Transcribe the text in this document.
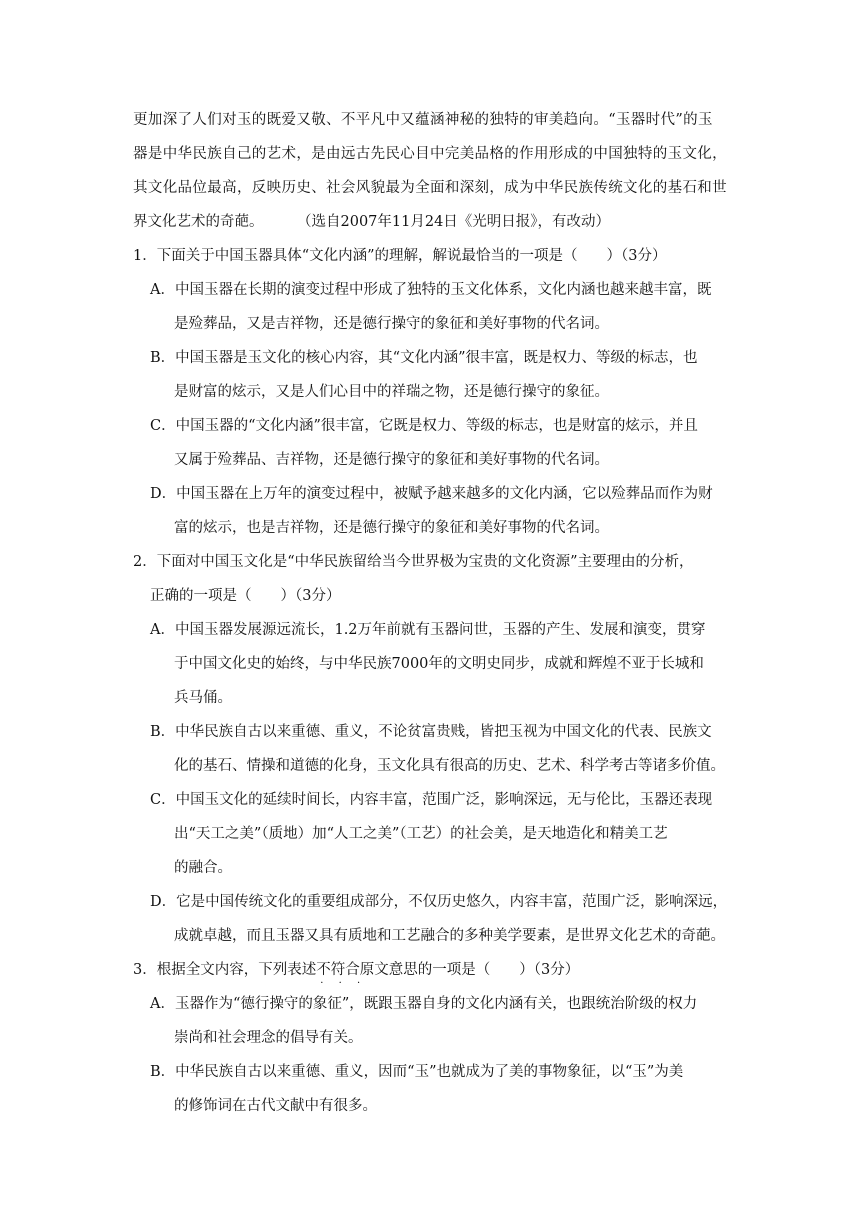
更加深了人们对玉的既爱又敬、不平凡中又蕴涵神秘的独特的审美趋向。“玉器时代”的玉
器是中华民族自己的艺术，是由远古先民心目中完美品格的作用形成的中国独特的玉文化，
其文化品位最高，反映历史、社会风貌最为全面和深刻，成为中华民族传统文化的基石和世
界文化艺术的奇葩。 （选自2007年11月24日《光明日报》，有改动）
1．下面关于中国玉器具体“文化内涵”的理解，解说最恰当的一项是（　　）（3分）
A．中国玉器在长期的演变过程中形成了独特的玉文化体系，文化内涵也越来越丰富，既
是殓葬品，又是吉祥物，还是德行操守的象征和美好事物的代名词。
B．中国玉器是玉文化的核心内容，其“文化内涵”很丰富，既是权力、等级的标志，也
是财富的炫示，又是人们心目中的祥瑞之物，还是德行操守的象征。
C．中国玉器的“文化内涵”很丰富，它既是权力、等级的标志，也是财富的炫示，并且
又属于殓葬品、吉祥物，还是德行操守的象征和美好事物的代名词。
D．中国玉器在上万年的演变过程中，被赋予越来越多的文化内涵，它以殓葬品而作为财
富的炫示，也是吉祥物，还是德行操守的象征和美好事物的代名词。
2．下面对中国玉文化是“中华民族留给当今世界极为宝贵的文化资源”主要理由的分析，
正确的一项是（　　）（3分）
A．中国玉器发展源远流长，1.2万年前就有玉器问世，玉器的产生、发展和演变，贯穿
于中国文化史的始终，与中华民族7000年的文明史同步，成就和辉煌不亚于长城和
兵马俑。
B．中华民族自古以来重德、重义，不论贫富贵贱，皆把玉视为中国文化的代表、民族文
化的基石、情操和道德的化身，玉文化具有很高的历史、艺术、科学考古等诸多价值。
C．中国玉文化的延续时间长，内容丰富，范围广泛，影响深远，无与伦比，玉器还表现
出“天工之美”（质地）加“人工之美”（工艺）的社会美，是天地造化和精美工艺
的融合。
D．它是中国传统文化的重要组成部分，不仅历史悠久，内容丰富，范围广泛，影响深远，
成就卓越，而且玉器又具有质地和工艺融合的多种美学要素，是世界文化艺术的奇葩。
3．根据全文内容，下列表述不符合 · · ·原文意思的一项是（　　）（3分）
A．玉器作为“德行操守的象征”，既跟玉器自身的文化内涵有关，也跟统治阶级的权力
崇尚和社会理念的倡导有关。
B．中华民族自古以来重德、重义，因而“玉”也就成为了美的事物象征，以“玉”为美
的修饰词在古代文献中有很多。
